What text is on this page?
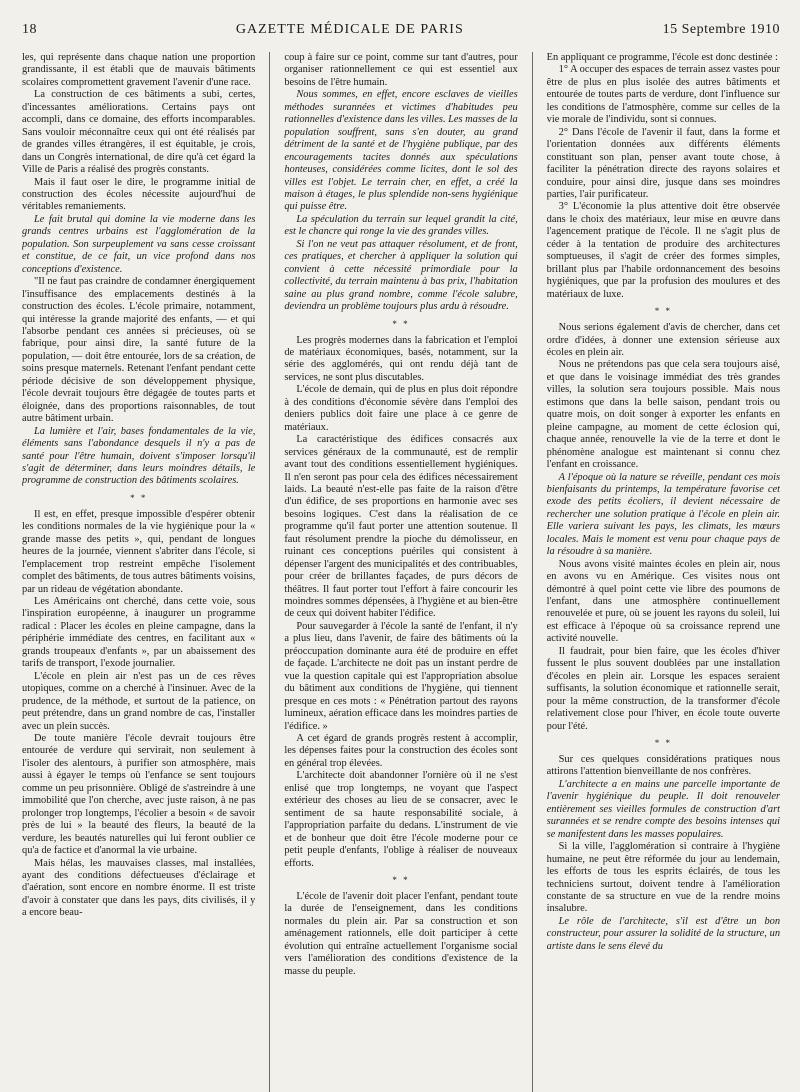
18	GAZETTE MÉDICALE DE PARIS	15 Septembre 1910

les, qui représente dans chaque nation une proportion grandissante, il est établi que de mauvais bâtiments scolaires compromettent gravement l'avenir d'une race.

La construction de ces bâtiments a subi, certes, d'incessantes améliorations. Certains pays ont accompli, dans ce domaine, des efforts incomparables. Sans vouloir méconnaître ceux qui ont été réalisés par de grandes villes étrangères, il est équitable, je crois, dans un Congrès international, de dire qu'à cet égard la Ville de Paris a réalisé des progrès constants.

Mais il faut oser le dire, le programme initial de construction des écoles nécessite aujourd'hui de véritables remaniements.

Le fait brutal qui domine la vie moderne dans les grands centres urbains est l'agglomération de la population. Son surpeuplement va sans cesse croissant et constitue, de ce fait, un vice profond dans nos conceptions d'existence.

"Il ne faut pas craindre de condamner énergiquement l'insuffisance des emplacements destinés à la construction des écoles. L'école primaire, notamment, qui intéresse la grande majorité des enfants, — et qui l'absorbe pendant ces années si précieuses, où se fabrique, pour ainsi dire, la santé future de la population, — doit être entourée, lors de sa création, de soins presque maternels. Retenant l'enfant pendant cette période décisive de son développement physique, l'école devrait toujours être dégagée de toutes parts et éloignée, dans des proportions raisonnables, de tout autre bâtiment urbain.

La lumière et l'air, bases fondamentales de la vie, éléments sans l'abondance desquels il n'y a pas de santé pour l'être humain, doivent s'imposer lorsqu'il s'agit de déterminer, dans leurs moindres détails, le programme de construction des bâtiments scolaires.

* *

Il est, en effet, presque impossible d'espérer obtenir les conditions normales de la vie hygiénique pour la « grande masse des petits », qui, pendant de longues heures de la journée, viennent s'abriter dans l'école, si l'emplacement trop restreint empêche l'isolement complet des bâtiments, de tous autres bâtiments voisins, par un rideau de végétation abondante.

Les Américains ont cherché, dans cette voie, sous l'inspiration européenne, à inaugurer un programme radical : Placer les écoles en pleine campagne, dans la périphérie immédiate des centres, en facilitant aux « grands troupeaux d'enfants », par un abaissement des tarifs de transport, l'exode journalier.

L'école en plein air n'est pas un de ces rêves utopiques, comme on a cherché à l'insinuer. Avec de la prudence, de la méthode, et surtout de la patience, on peut prétendre, dans un grand nombre de cas, l'installer avec un plein succès.

De toute manière l'école devrait toujours être entourée de verdure qui servirait, non seulement à l'isoler des alentours, à purifier son atmosphère, mais aussi à égayer le temps où l'enfance se sent toujours comme un peu prisonnière. Obligé de s'astreindre à une immobilité que l'on cherche, avec juste raison, à ne pas prolonger trop longtemps, l'écolier a besoin « de savoir près de lui » la beauté des fleurs, la beauté de la verdure, les beautés naturelles qui lui feront oublier ce qu'a de factice et d'anormal la vie urbaine.

Mais hélas, les mauvaises classes, mal installées, ayant des conditions défectueuses d'éclairage et d'aération, sont encore en nombre énorme. Il est triste d'avoir à constater que dans les pays, dits civilisés, il y a encore beau-

coup à faire sur ce point, comme sur tant d'autres, pour organiser rationnellement ce qui est essentiel aux besoins de l'être humain.

Nous sommes, en effet, encore esclaves de vieilles méthodes surannées et victimes d'habitudes peu rationnelles d'existence dans les villes. Les masses de la population souffrent, sans s'en douter, au grand détriment de la santé et de l'hygiène publique, par des encouragements tacites donnés aux spéculations honteuses, considérées comme licites, dont le sol des villes est l'objet. Le terrain cher, en effet, a créé la maison à étages, le plus splendide non-sens hygiénique qui puisse être.

La spéculation du terrain sur lequel grandit la cité, est le chancre qui ronge la vie des grandes villes.

Si l'on ne veut pas attaquer résolument, et de front, ces pratiques, et chercher à appliquer la solution qui convient à cette nécessité primordiale pour la collectivité, du terrain maintenu à bas prix, l'habitation saine au plus grand nombre, comme l'école salubre, deviendra un problème toujours plus ardu à résoudre.

* *

Les progrès modernes dans la fabrication et l'emploi de matériaux économiques, basés, notamment, sur la série des agglomérés, qui ont rendu déjà tant de services, ne sont plus discutables.

L'école de demain, qui de plus en plus doit répondre à des conditions d'économie sévère dans l'emploi des deniers publics doit faire une place à ce genre de matériaux.

La caractéristique des édifices consacrés aux services généraux de la communauté, est de remplir avant tout des conditions essentiellement hygiéniques. Il n'en seront pas pour cela des édifices nécessairement laids. La beauté n'est-elle pas faite de la raison d'être d'un édifice, de ses proportions en harmonie avec ses besoins logiques. C'est dans la réalisation de ce programme qu'il faut porter une attention soutenue. Il faut résolument prendre la pioche du démolisseur, en ruinant ces conceptions puériles qui consistent à dépenser l'argent des municipalités et des contribuables, pour créer de brillantes façades, de purs décors de théâtres. Il faut porter tout l'effort à faire concourir les moindres sommes dépensées, à l'hygiène et au bien-être de ceux qui doivent habiter l'édifice.

Pour sauvegarder à l'école la santé de l'enfant, il n'y a plus lieu, dans l'avenir, de faire des bâtiments où la préoccupation dominante aura été de produire en effet de façade. L'architecte ne doit pas un instant perdre de vue la question capitale qui est l'appropriation absolue du bâtiment aux conditions de l'hygiène, qui tiennent presque en ces mots : « Pénétration partout des rayons lumineux, aération efficace dans les moindres parties de l'édifice. »

A cet égard de grands progrès restent à accomplir, les dépenses faites pour la construction des écoles sont en général trop élevées.

L'architecte doit abandonner l'ornière où il ne s'est enlisé que trop longtemps, ne voyant que l'aspect extérieur des choses au lieu de se consacrer, avec le sentiment de sa haute responsabilité sociale, à l'appropriation parfaite du dedans. L'instrument de vie et de bonheur que doit être l'école moderne pour ce petit peuple d'enfants, l'oblige à réaliser de nouveaux efforts.

* *

L'école de l'avenir doit placer l'enfant, pendant toute la durée de l'enseignement, dans les conditions normales du plein air. Par sa construction et son aménagement rationnels, elle doit participer à cette évolution qui entraîne actuellement l'organisme social vers l'amélioration des conditions d'existence de la masse du peuple.

En appliquant ce programme, l'école est donc destinée :

1° A occuper des espaces de terrain assez vastes pour être de plus en plus isolée des autres bâtiments et entourée de toutes parts de verdure, dont l'influence sur les conditions de l'atmosphère, comme sur celles de la vie morale de l'individu, sont si connues.

2° Dans l'école de l'avenir il faut, dans la forme et l'orientation données aux différents éléments constituant son plan, penser avant toute chose, à faciliter la pénétration directe des rayons solaires et conduire, pour ainsi dire, jusque dans ses moindres parties, l'air purificateur.

3° L'économie la plus attentive doit être observée dans le choix des matériaux, leur mise en œuvre dans l'agencement pratique de l'école. Il ne s'agit plus de céder à la tentation de produire des architectures somptueuses, il s'agit de créer des formes simples, brillant plus par l'habile ordonnancement des besoins hygiéniques, que par la profusion des moulures et des matériaux de luxe.

* *

Nous serions également d'avis de chercher, dans cet ordre d'idées, à donner une extension sérieuse aux écoles en plein air.

Nous ne prétendons pas que cela sera toujours aisé, et que dans le voisinage immédiat des très grandes villes, la solution sera toujours possible. Mais nous estimons que dans la belle saison, pendant trois ou quatre mois, on doit songer à exporter les enfants en pleine campagne, au moment de cette éclosion qui, chaque année, renouvelle la vie de la terre et dont le phénomène analogue est maintenant si connu chez l'enfant en croissance.

A l'époque où la nature se réveille, pendant ces mois bienfaisants du printemps, la température favorise cet exode des petits écoliers, il devient nécessaire de rechercher une solution pratique à l'école en plein air. Elle variera suivant les pays, les climats, les mœurs locales. Mais le moment est venu pour chaque pays de la résoudre à sa manière.

Nous avons visité maintes écoles en plein air, nous en avons vu en Amérique. Ces visites nous ont démontré à quel point cette vie libre des poumons de l'enfant, dans une atmosphère continuellement renouvelée et pure, où se jouent les rayons du soleil, lui est efficace à l'époque où sa croissance reprend une activité nouvelle.

Il faudrait, pour bien faire, que les écoles d'hiver fussent le plus souvent doublées par une installation d'écoles en plein air. Lorsque les espaces seraient suffisants, la solution économique et rationnelle serait, pour la même construction, de la transformer d'école relativement close pour l'hiver, en école toute ouverte pour l'été.

* *

Sur ces quelques considérations pratiques nous attirons l'attention bienveillante de nos confrères.

L'architecte a en mains une parcelle importante de l'avenir hygiénique du peuple. Il doit renouveler entièrement ses vieilles formules de construction d'art surannées et se rendre compte des besoins intenses qui se manifestent dans les masses populaires.

Si la ville, l'agglomération si contraire à l'hygiène humaine, ne peut être réformée du jour au lendemain, les efforts de tous les esprits éclairés, de tous les techniciens surtout, doivent tendre à l'amélioration constante de sa structure en vue de la rendre moins insalubre.

Le rôle de l'architecte, s'il est d'être un bon constructeur, pour assurer la solidité de la structure, un artiste dans le sens élevé du
